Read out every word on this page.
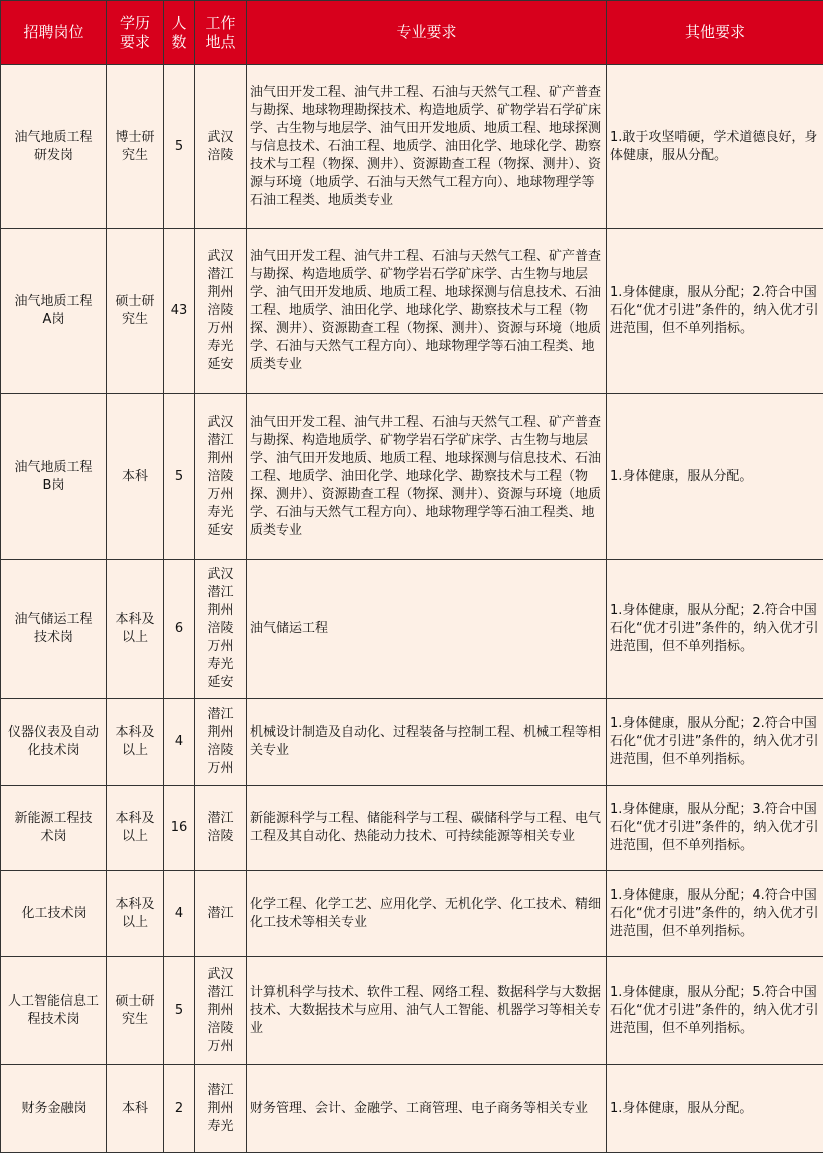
招聘岗位	学历要求	人数	工作地点	专业要求	其他要求

油气地质工程研发岗	博士研究生	5	武汉涪陵	油气田开发工程、油气井工程、石油与天然气工程、矿产普查与勘探、地球物理勘探技术、构造地质学、矿物学岩石学矿床学、古生物与地层学、油气田开发地质、地质工程、地球探测与信息技术、石油工程、地质学、油田化学、地球化学、勘察技术与工程（物探、测井）、资源勘查工程（物探、测井）、资源与环境（地质学、石油与天然气工程方向）、地球物理学等石油工程类、地质类专业	1.敢于攻坚啃硬，学术道德良好，身体健康，服从分配。

油气地质工程A岗	硕士研究生	43	武汉潜江荆州涪陵万州寿光延安	油气田开发工程、油气井工程、石油与天然气工程、矿产普查与勘探、构造地质学、矿物学岩石学矿床学、古生物与地层学、油气田开发地质、地质工程、地球探测与信息技术、石油工程、地质学、油田化学、地球化学、勘察技术与工程（物探、测井）、资源勘查工程（物探、测井）、资源与环境（地质学、石油与天然气工程方向）、地球物理学等石油工程类、地质类专业	1.身体健康，服从分配；2.符合中国石化“优才引进”条件的，纳入优才引进范围，但不单列指标。

油气地质工程B岗	本科	5	武汉潜江荆州涪陵万州寿光延安	油气田开发工程、油气井工程、石油与天然气工程、矿产普查与勘探、构造地质学、矿物学岩石学矿床学、古生物与地层学、油气田开发地质、地质工程、地球探测与信息技术、石油工程、地质学、油田化学、地球化学、勘察技术与工程（物探、测井）、资源勘查工程（物探、测井）、资源与环境（地质学、石油与天然气工程方向）、地球物理学等石油工程类、地质类专业	1.身体健康，服从分配。

油气储运工程技术岗	本科及以上	6	武汉潜江荆州涪陵万州寿光延安	油气储运工程	1.身体健康，服从分配；2.符合中国石化“优才引进”条件的，纳入优才引进范围，但不单列指标。

仪器仪表及自动化技术岗	本科及以上	4	潜江荆州涪陵万州	机械设计制造及自动化、过程装备与控制工程、机械工程等相关专业	1.身体健康，服从分配；2.符合中国石化“优才引进”条件的，纳入优才引进范围，但不单列指标。

新能源工程技术岗	本科及以上	16	潜江涪陵	新能源科学与工程、储能科学与工程、碳储科学与工程、电气工程及其自动化、热能动力技术、可持续能源等相关专业	1.身体健康，服从分配；3.符合中国石化“优才引进”条件的，纳入优才引进范围，但不单列指标。

化工技术岗	本科及以上	4	潜江	化学工程、化学工艺、应用化学、无机化学、化工技术、精细化工技术等相关专业	1.身体健康，服从分配；4.符合中国石化“优才引进”条件的，纳入优才引进范围，但不单列指标。

人工智能信息工程技术岗	硕士研究生	5	武汉潜江荆州涪陵万州	计算机科学与技术、软件工程、网络工程、数据科学与大数据技术、大数据技术与应用、油气人工智能、机器学习等相关专业	1.身体健康，服从分配；5.符合中国石化“优才引进”条件的，纳入优才引进范围，但不单列指标。

财务金融岗	本科	2	潜江荆州寿光	财务管理、会计、金融学、工商管理、电子商务等相关专业	1.身体健康，服从分配。
